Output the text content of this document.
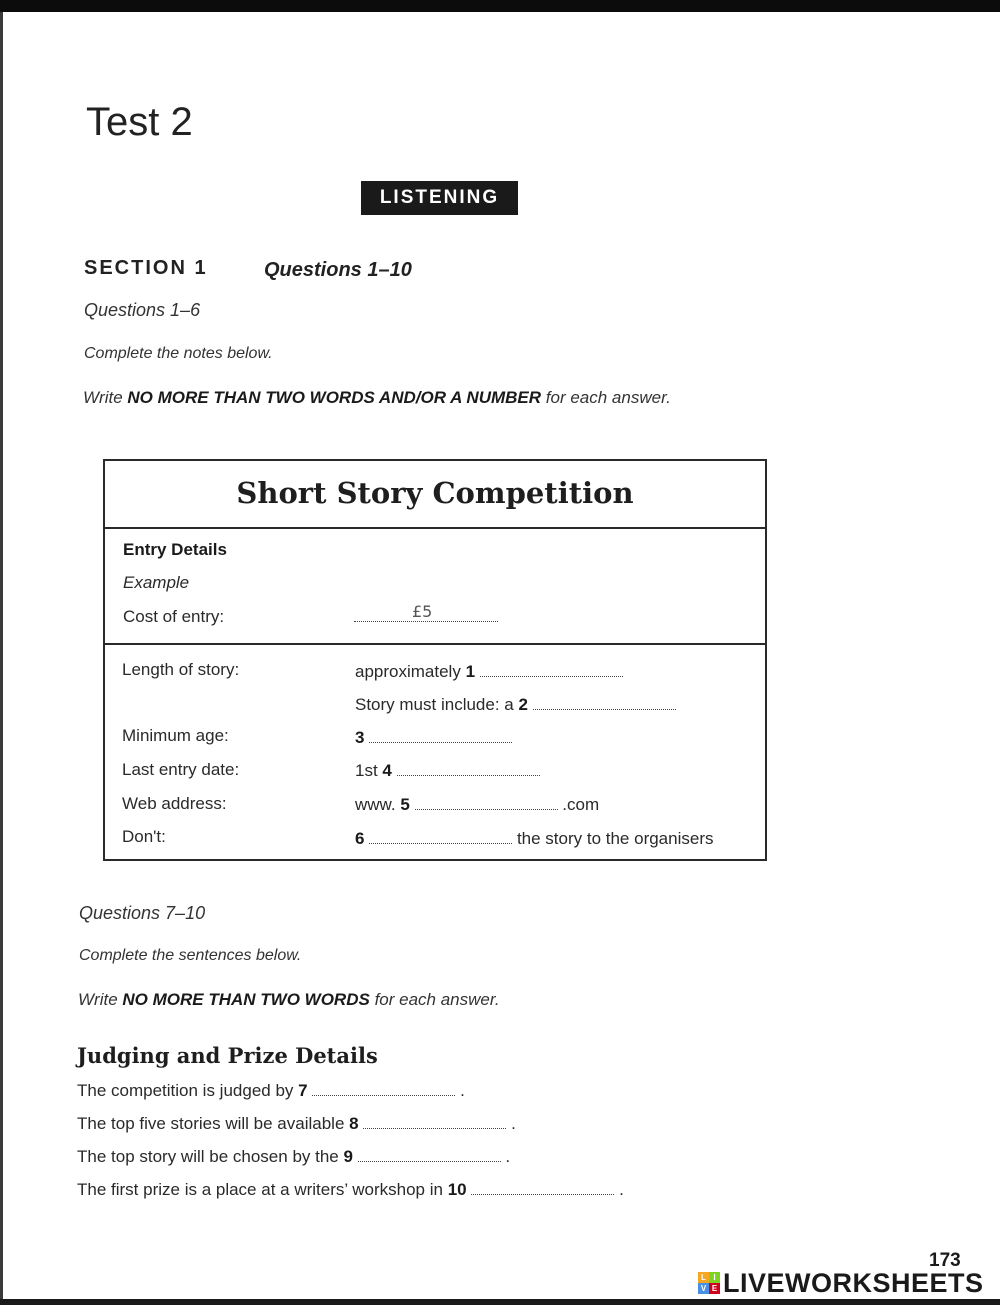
Test 2
LISTENING
SECTION 1	Questions 1–10
Questions 1–6
Complete the notes below.
Write NO MORE THAN TWO WORDS AND/OR A NUMBER for each answer.
Short Story Competition
Entry Details
Example
Cost of entry:	£5
Length of story:	approximately 1
Story must include: a 2
Minimum age:	3
Last entry date:	1st 4
Web address:	www. 5	.com
Don't:	6	the story to the organisers
Questions 7–10
Complete the sentences below.
Write NO MORE THAN TWO WORDS for each answer.
Judging and Prize Details
The competition is judged by 7	.
The top five stories will be available 8	.
The top story will be chosen by the 9	.
The first prize is a place at a writers’ workshop in 10	.
173
L I
V E LIVEWORKSHEETS
